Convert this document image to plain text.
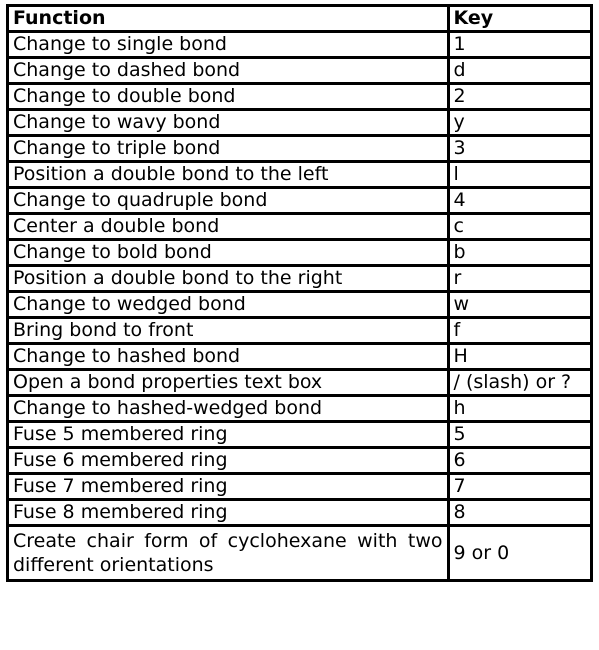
Function	Key
Change to single bond	1
Change to dashed bond	d
Change to double bond	2
Change to wavy bond	y
Change to triple bond	3
Position a double bond to the left	l
Change to quadruple bond	4
Center a double bond	c
Change to bold bond	b
Position a double bond to the right	r
Change to wedged bond	w
Bring bond to front	f
Change to hashed bond	H
Open a bond properties text box	/ (slash) or ?
Change to hashed-wedged bond	h
Fuse 5 membered ring	5
Fuse 6 membered ring	6
Fuse 7 membered ring	7
Fuse 8 membered ring	8
Create chair form of cyclohexane with two different orientations	9 or 0
